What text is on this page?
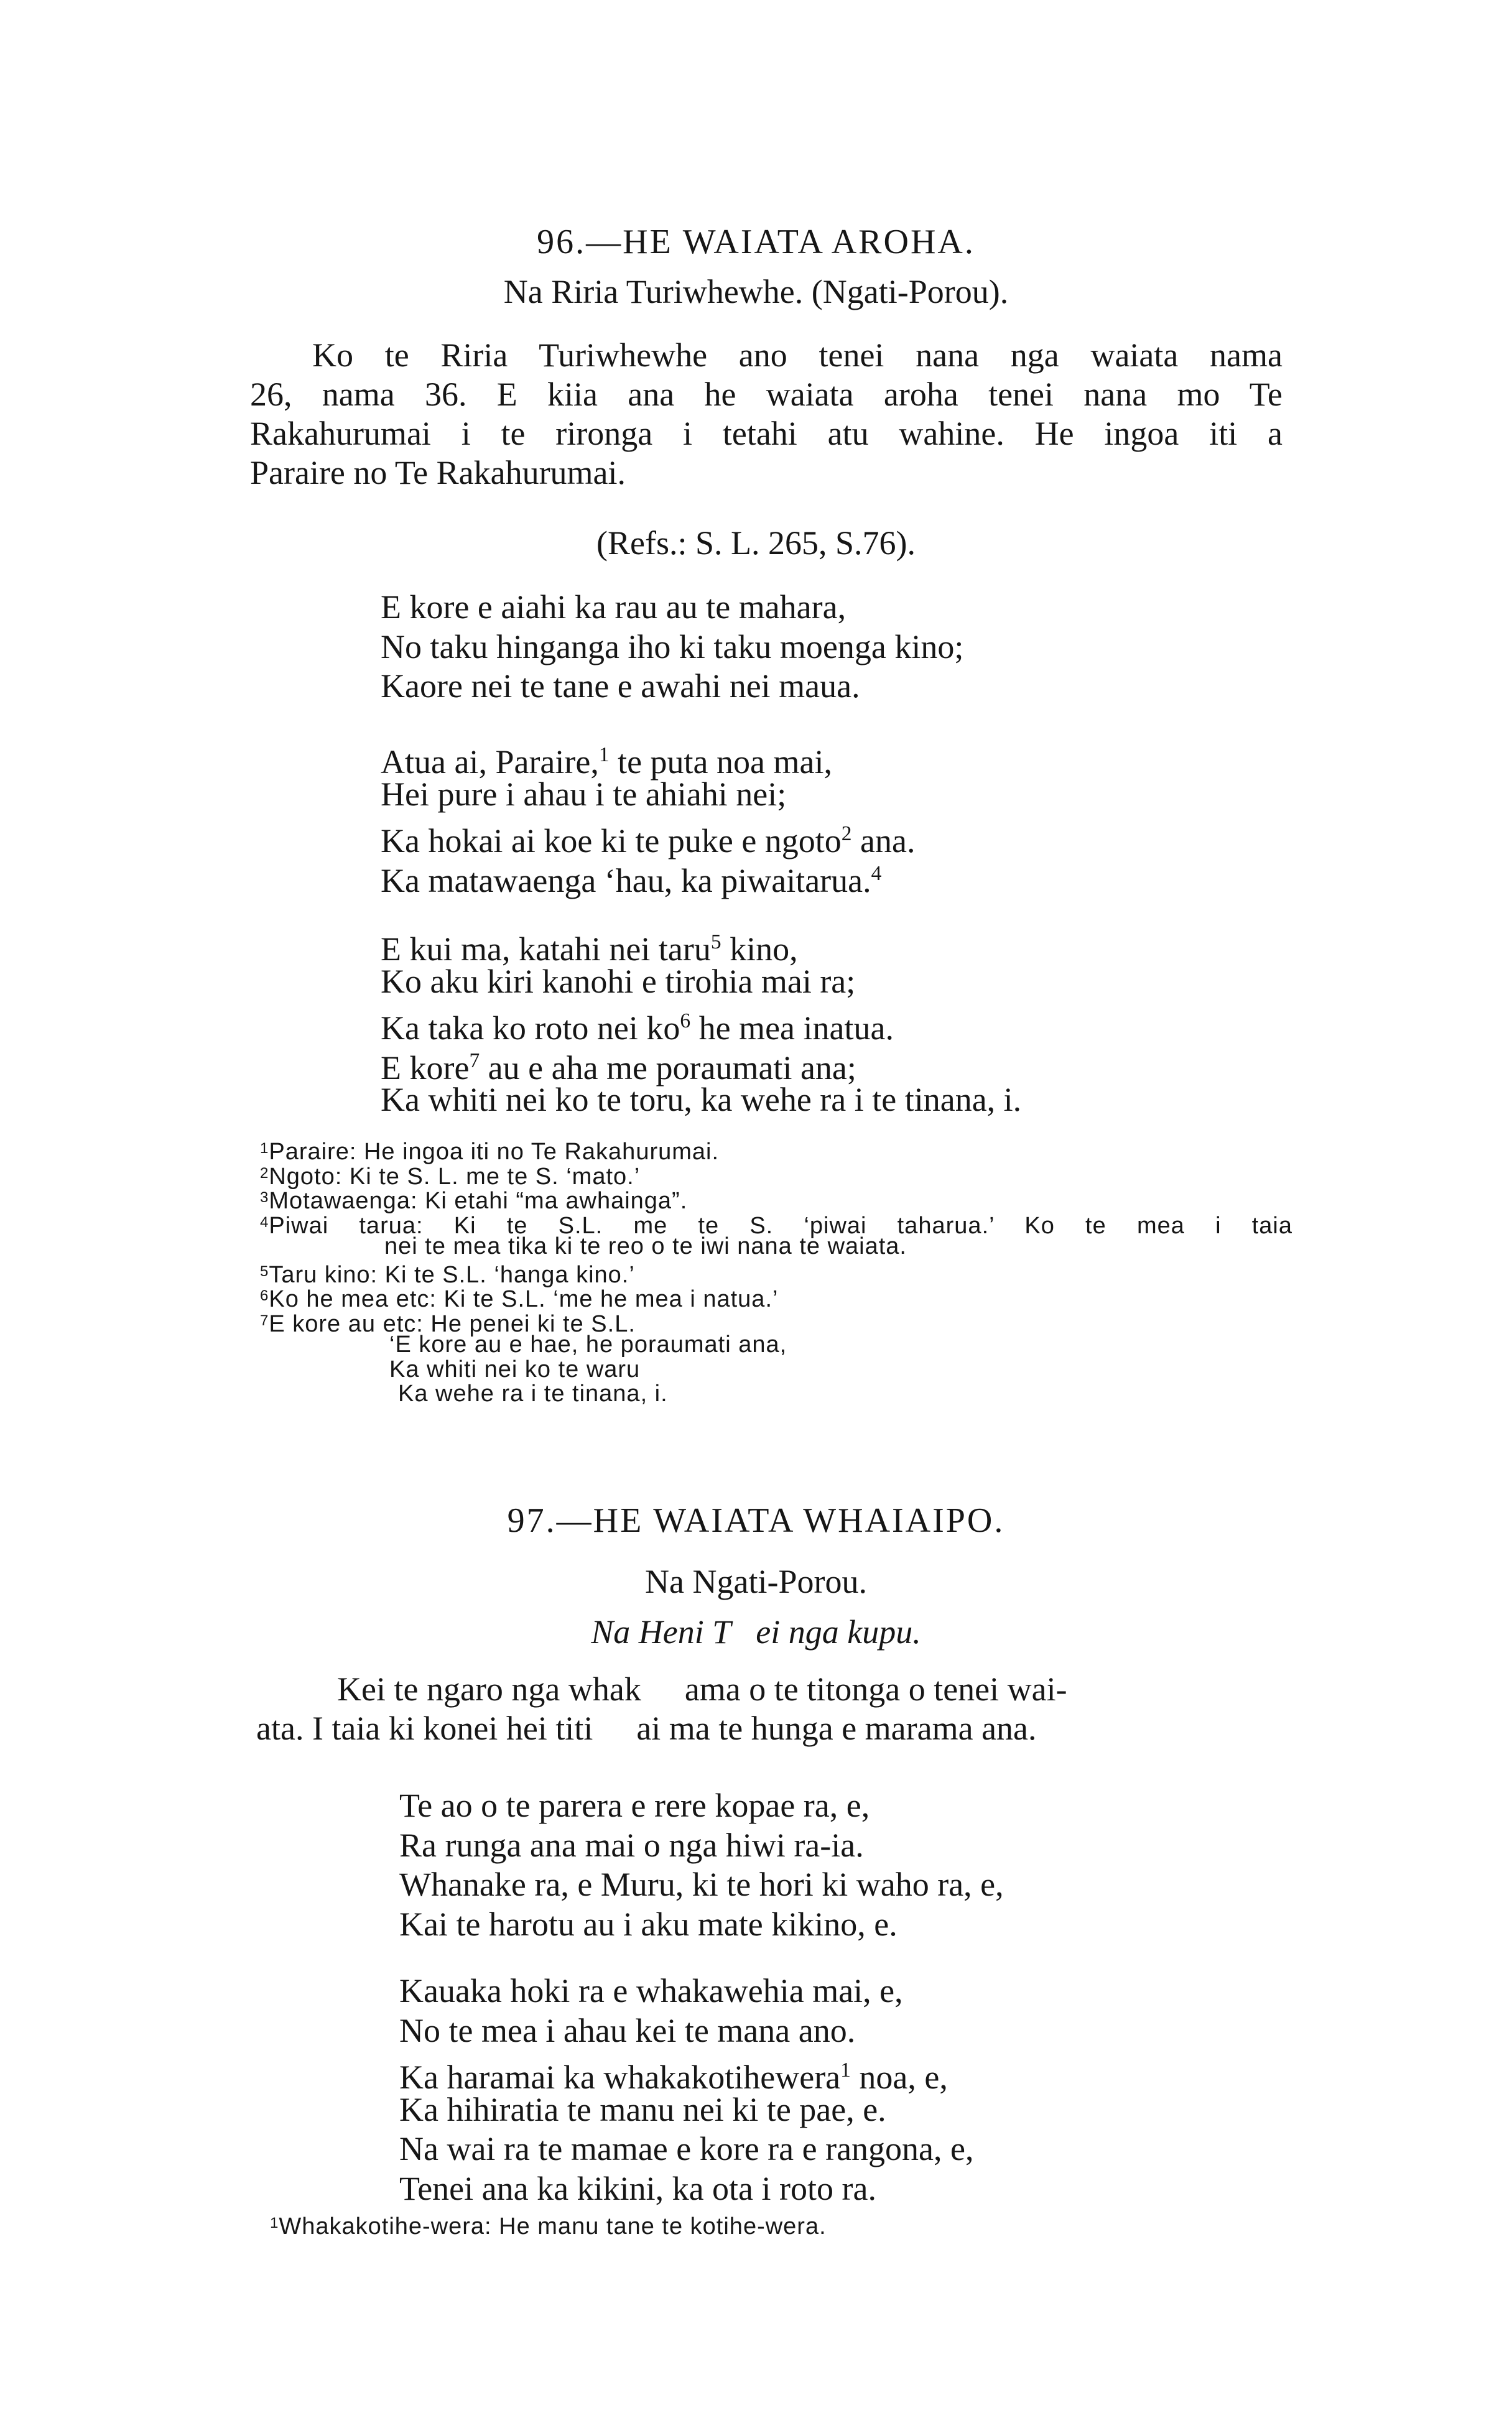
96.—HE WAIATA AROHA.
Na Riria Turiwhewhe. (Ngati-Porou).
Ko te Riria Turiwhewhe ano tenei nana nga waiata nama
26, nama 36. E kiia ana he waiata aroha tenei nana mo Te
Rakahurumai i te rironga i tetahi atu wahine. He ingoa iti a
Paraire no Te Rakahurumai.
(Refs.: S. L. 265, S.76).
E kore e aiahi ka rau au te mahara,
No taku hinganga iho ki taku moenga kino;
Kaore nei te tane e awahi nei maua.
Atua ai, Paraire,$^1$ te puta noa mai,
Hei pure i ahau i te ahiahi nei;
Ka hokai ai koe ki te puke e ngoto$^2$ ana.
Ka matawaenga ‘hau, ka piwaitarua.$^4$
E kui ma, katahi nei taru$^5$ kino,
Ko aku kiri kanohi e tirohia mai ra;
Ka taka ko roto nei $ko^6$ he mea inatua.
E kore$^7$ au e aha me poraumati ana;
Ka whiti nei ko te toru, ka wehe ra i te tinana, i.
$^1$Paraire: He ingoa iti no Te Rakahurumai.
$^2$Ngoto: Ki te S. L. me te S. ‘mato.’
$^3$Motawaenga: Ki etahi “ma awhainga”.
$^4$Piwai tarua: Ki te S.L. me te S. ‘piwai taharua.’ Ko te mea i taia
nei te mea tika ki te reo o te iwi nana te waiata.
$^5$Taru kino: Ki te S.L. ‘hanga kino.’
$^6$Ko he mea etc: Ki te S.L. ‘me he mea i natua.’
$^7$E kore au etc: He penei ki te S.L.
‘E kore au e hae, he poraumati ana,
Ka whiti nei ko te waru
Ka wehe ra i te tinana, i.
97.—HE WAIATA WHAIAIPO.
Na Ngati-Porou.
Na Heni T ei nga kupu.
Kei te ngaro nga whak ama o te titonga o tenei wai-
ata. I taia ki konei hei titi ai ma te hunga e marama ana.
Te ao o te parera e rere kopae ra, e,
Ra runga ana mai o nga hiwi ra-ia.
Whanake ra, e Muru, ki te hori ki waho ra, e,
Kai te harotu au i aku mate kikino, e.
Kauaka hoki ra e whakawehia mai, e,
No te mea i ahau kei te mana ano.
Ka haramai ka whakakotihewera$^1$ noa, e,
Ka hihiratia te manu nei ki te pae, e.
Na wai ra te mamae e kore ra e rangona, e,
Tenei ana ka kikini, ka ota i roto ra.
$^1$Whakakotihe-wera: He manu tane te kotihe-wera.
